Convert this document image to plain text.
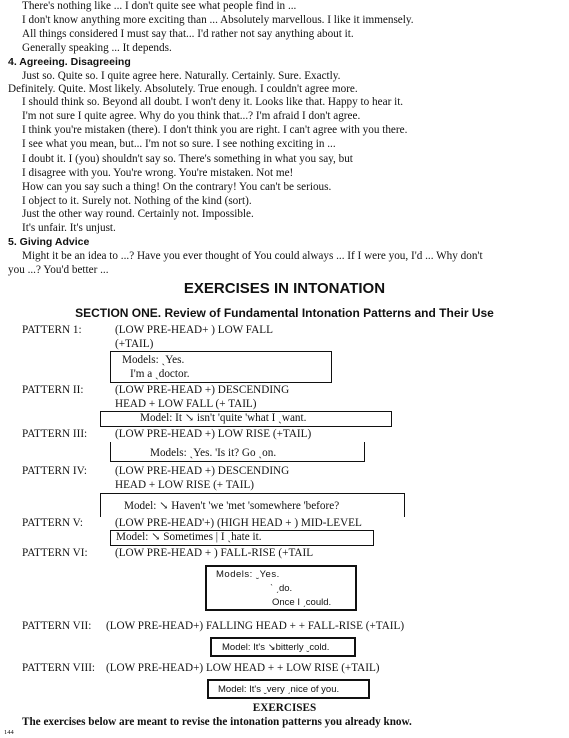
There's nothing like ... I don't quite see what people find in ...
I don't know anything more exciting than ... Absolutely marvellous. I like it immensely.
All things considered I must say that... I'd rather not say anything about it.
Generally speaking ... It depends.
4. Agreeing. Disagreeing
Just so. Quite so. I quite agree here. Naturally. Certainly. Sure. Exactly.
Definitely. Quite. Most likely. Absolutely. True enough. I couldn't agree more.
I should think so. Beyond all doubt. I won't deny it. Looks like that. Happy to hear it.
I'm not sure I quite agree. Why do you think that...? I'm afraid I don't agree.
I think you're mistaken (there). I don't think you are right. I can't agree with you there.
I see what you mean, but... I'm not so sure. I see nothing exciting in ...
I doubt it. I (you) shouldn't say so. There's something in what you say, but
I disagree with you. You're wrong. You're mistaken. Not me!
How can you say such a thing! On the contrary! You can't be serious.
I object to it. Surely not. Nothing of the kind (sort).
Just the other way round. Certainly not. Impossible.
It's unfair. It's unjust.
5. Giving Advice
Might it be an idea to ...? Have you ever thought of You could always ... If I were you, I'd ... Why don't
you ...? You'd better ...
EXERCISES IN INTONATION
SECTION ONE. Review of Fundamental Intonation Patterns and Their Use
PATTERN 1:	(LOW PRE-HEAD+ ) LOW FALL
(+TAIL)
Models: ˏYes.
I'm a ˏdoctor.
PATTERN II:	(LOW PRE-HEAD +) DESCENDING
HEAD + LOW FALL (+ TAIL)
Model: It ↘ isn't 'quite 'what I ˏwant.
PATTERN III: (LOW PRE-HEAD +) LOW RISE (+TAIL)
Models: ˎYes. 'Is it? Go ˎon.
PATTERN IV:	(LOW PRE-HEAD +) DESCENDING
HEAD + LOW RISE (+ TAIL)
Model: ↘ Haven't 'we 'met 'somewhere 'before?
PATTERN V:	(LOW PRE-HEAD'+) (HIGH HEAD + ) MID-LEVEL
Model: ↘ Sometimes | I ˏhate it.
PATTERN VI: (LOW PRE-HEAD + ) FALL-RISE (+TAIL
Models: ˬYes.
ˋ ˏdo.
Once I ˏcould.
PATTERN VII: (LOW PRE-HEAD+) FALLING HEAD + + FALL-RISE (+TAIL)
Model: It's ↘bitterly ˬcold.
PATTERN VIII: (LOW PRE-HEAD+) LOW HEAD + + LOW RISE (+TAIL)
Model: It's ˬvery ˏnice of you.
EXERCISES
The exercises below are meant to revise the intonation patterns you already know.
144
